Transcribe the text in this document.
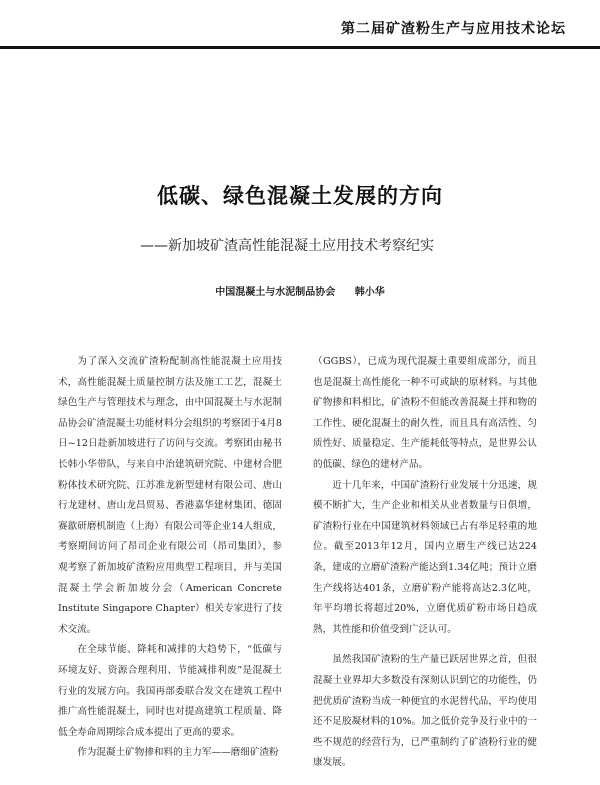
第二届矿渣粉生产与应用技术论坛
低碳、绿色混凝土发展的方向
——新加坡矿渣高性能混凝土应用技术考察纪实
中国混凝土与水泥制品协会 韩小华

为了深入交流矿渣粉配制高性能混凝土应用技术，高性能混凝土质量控制方法及施工工艺，混凝土绿色生产与管理技术与理念，由中国混凝土与水泥制品协会矿渣混凝土功能材料分会组织的考察团于4月8日~12日赴新加坡进行了访问与交流。考察团由秘书长韩小华带队，与来自中治建筑研究院、中建材合肥粉体技术研究院、江苏准龙新型建材有限公司、唐山行龙建材、唐山龙昌贸易、香港嘉华建材集团、德固赛歙研磨机制造（上海）有限公司等企业14人组成，考察期间访问了昂司企业有限公司（昂司集团），参观考察了新加坡矿渣粉应用典型工程项目，并与美国混凝土学会新加坡分会（American Concrete Institute Singapore Chapter）相关专家进行了技术交流。

在全球节能、降耗和减排的大趋势下，“低碳与环境友好、资源合理利用、节能减排利废”是混凝土行业的发展方向。我国再部委联合发文在建筑工程中推广高性能混凝土，同时也对提高建筑工程质量、降低全寿命周期综合成本提出了更高的要求。

作为混凝土矿物掺和料的主力军——磨细矿渣粉

（GGBS），已成为现代混凝土重要组成部分，而且也是混凝土高性能化一种不可或缺的原材料。与其他矿物掺和料相比，矿渣粉不但能改善混凝土拌和物的工作性、硬化混凝土的耐久性，而且具有高活性、匀质性好、质量稳定、生产能耗低等特点，是世界公认的低碳、绿色的建材产品。

近十几年来，中国矿渣粉行业发展十分迅速，规模不断扩大，生产企业和相关从业者数量与日俱增，矿渣粉行业在中国建筑材料领域已占有举足轻重的地位。截至2013年12月，国内立磨生产线已达224条，建成的立磨矿渣粉产能达到1.34亿吨；预计立磨生产线将达401条，立磨矿粉产能将高达2.3亿吨，年平均增长将超过20%，立磨优质矿粉市场日趋成熟，其性能和价值受到广泛认可。

虽然我国矿渣粉的生产量已跃居世界之首，但很混凝土业界却大多数没有深刻认识到它的功能性，仍把优质矿渣粉当成一种便宜的水泥替代品，平均使用还不足胶凝材料的10%。加之低价竞争及行业中的一些不规范的经营行为，已严重制约了矿渣粉行业的健康发展。
